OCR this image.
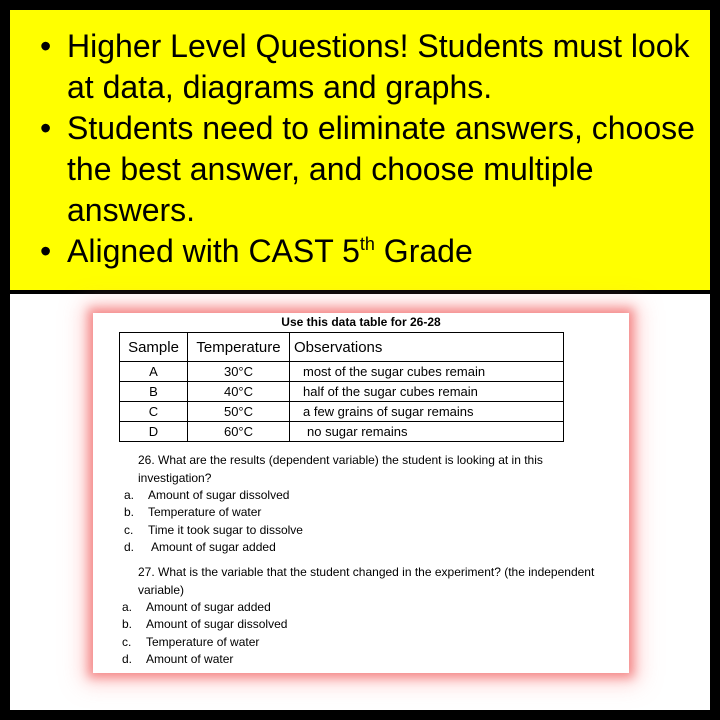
• Higher Level Questions! Students must look at data, diagrams and graphs.
• Students need to eliminate answers, choose the best answer, and choose multiple answers.
• Aligned with CAST 5th Grade
Use this data table for 26-28
Sample	Temperature	Observations
A	30°C	most of the sugar cubes remain
B	40°C	half of the sugar cubes remain
C	50°C	a few grains of sugar remains
D	60°C	no sugar remains
26. What are the results (dependent variable) the student is looking at in this investigation?
a. Amount of sugar dissolved
b. Temperature of water
c. Time it took sugar to dissolve
d. Amount of sugar added
27. What is the variable that the student changed in the experiment? (the independent variable)
a. Amount of sugar added
b. Amount of sugar dissolved
c. Temperature of water
d. Amount of water
